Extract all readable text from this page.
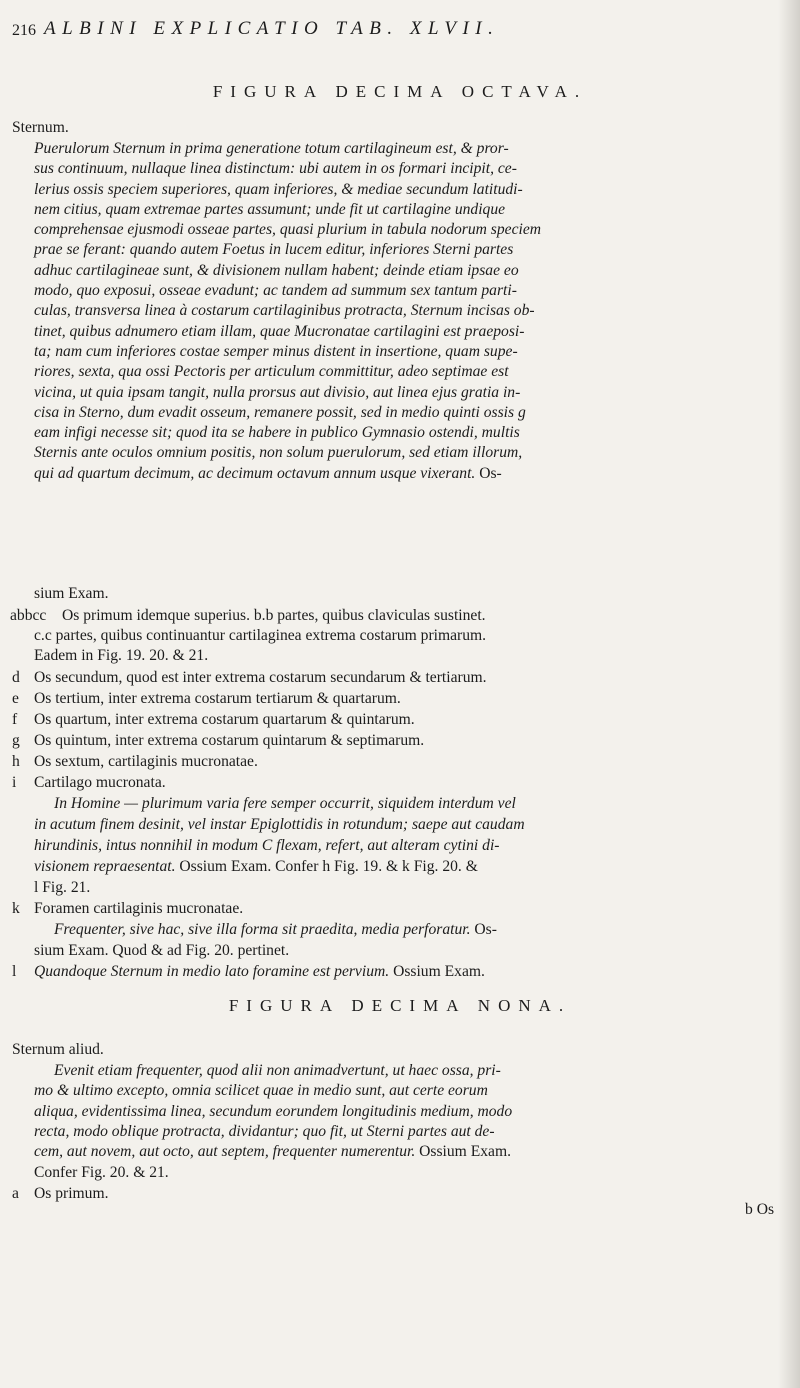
216 ALBINI EXPLICATIO TAB. XLVII.
FIGURA DECIMA OCTAVA.
Sternum.
Puerulorum Sternum in prima generatione totum cartilagineum est, & pror-
sus continuum, nullaque linea distinctum: ubi autem in os formari incipit, ce-
lerius ossis speciem superiores, quam inferiores, & mediae secundum latitudi-
nem citius, quam extremae partes assumunt; unde fit ut cartilagine undique
comprehensae ejusmodi osseae partes, quasi plurium in tabula nodorum speciem
prae se ferant: quando autem Foetus in lucem editur, inferiores Sterni partes
adhuc cartilagineae sunt, & divisionem nullam habent; deinde etiam ipsae eo
modo, quo exposui, osseae evadunt; ac tandem ad summum sex tantum parti-
culas, transversa linea à costarum cartilaginibus protracta, Sternum incisas ob-
tinet, quibus adnumero etiam illam, quae Mucronatae cartilagini est praeposi-
ta; nam cum inferiores costae semper minus distent in insertione, quam supe-
riores, sexta, qua ossi Pectoris per articulum committitur, adeo septimae est
vicina, ut quia ipsam tangit, nulla prorsus aut divisio, aut linea ejus gratia in-
cisa in Sterno, dum evadit osseum, remanere possit, sed in medio quinti ossis g
eam infigi necesse sit; quod ita se habere in publico Gymnasio ostendi, multis
Sternis ante oculos omnium positis, non solum puerulorum, sed etiam illorum,
qui ad quartum decimum, ac decimum octavum annum usque vixerant. Os-
sium Exam.
abbcc Os primum idemque superius. b.b partes, quibus claviculas sustinet.
c.c partes, quibus continuantur cartilaginea extrema costarum primarum.
Eadem in Fig. 19. 20. & 21.
d Os secundum, quod est inter extrema costarum secundarum & tertiarum.
e Os tertium, inter extrema costarum tertiarum & quartarum.
f Os quartum, inter extrema costarum quartarum & quintarum.
g Os quintum, inter extrema costarum quintarum & septimarum.
h Os sextum, cartilaginis mucronatae.
i Cartilago mucronata.
In Homine — plurimum varia fere semper occurrit, siquidem interdum vel
in acutum finem desinit, vel instar Epiglottidis in rotundum; saepe aut caudam
hirundinis, intus nonnihil in modum C flexam, refert, aut alteram cytini di-
visionem repraesentat. Ossium Exam. Confer h Fig. 19. & k Fig. 20. &
l Fig. 21.
k Foramen cartilaginis mucronatae.
Frequenter, sive hac, sive illa forma sit praedita, media perforatur. Os-
sium Exam. Quod & ad Fig. 20. pertinet.
l Quandoque Sternum in medio lato foramine est pervium. Ossium Exam.
FIGURA DECIMA NONA.
Sternum aliud.
Evenit etiam frequenter, quod alii non animadvertunt, ut haec ossa, pri-
mo & ultimo excepto, omnia scilicet quae in medio sunt, aut certe eorum
aliqua, evidentissima linea, secundum eorundem longitudinis medium, modo
recta, modo oblique protracta, dividantur; quo fit, ut Sterni partes aut de-
cem, aut novem, aut octo, aut septem, frequenter numerentur. Ossium Exam.
Confer Fig. 20. & 21.
a Os primum.
b Os
